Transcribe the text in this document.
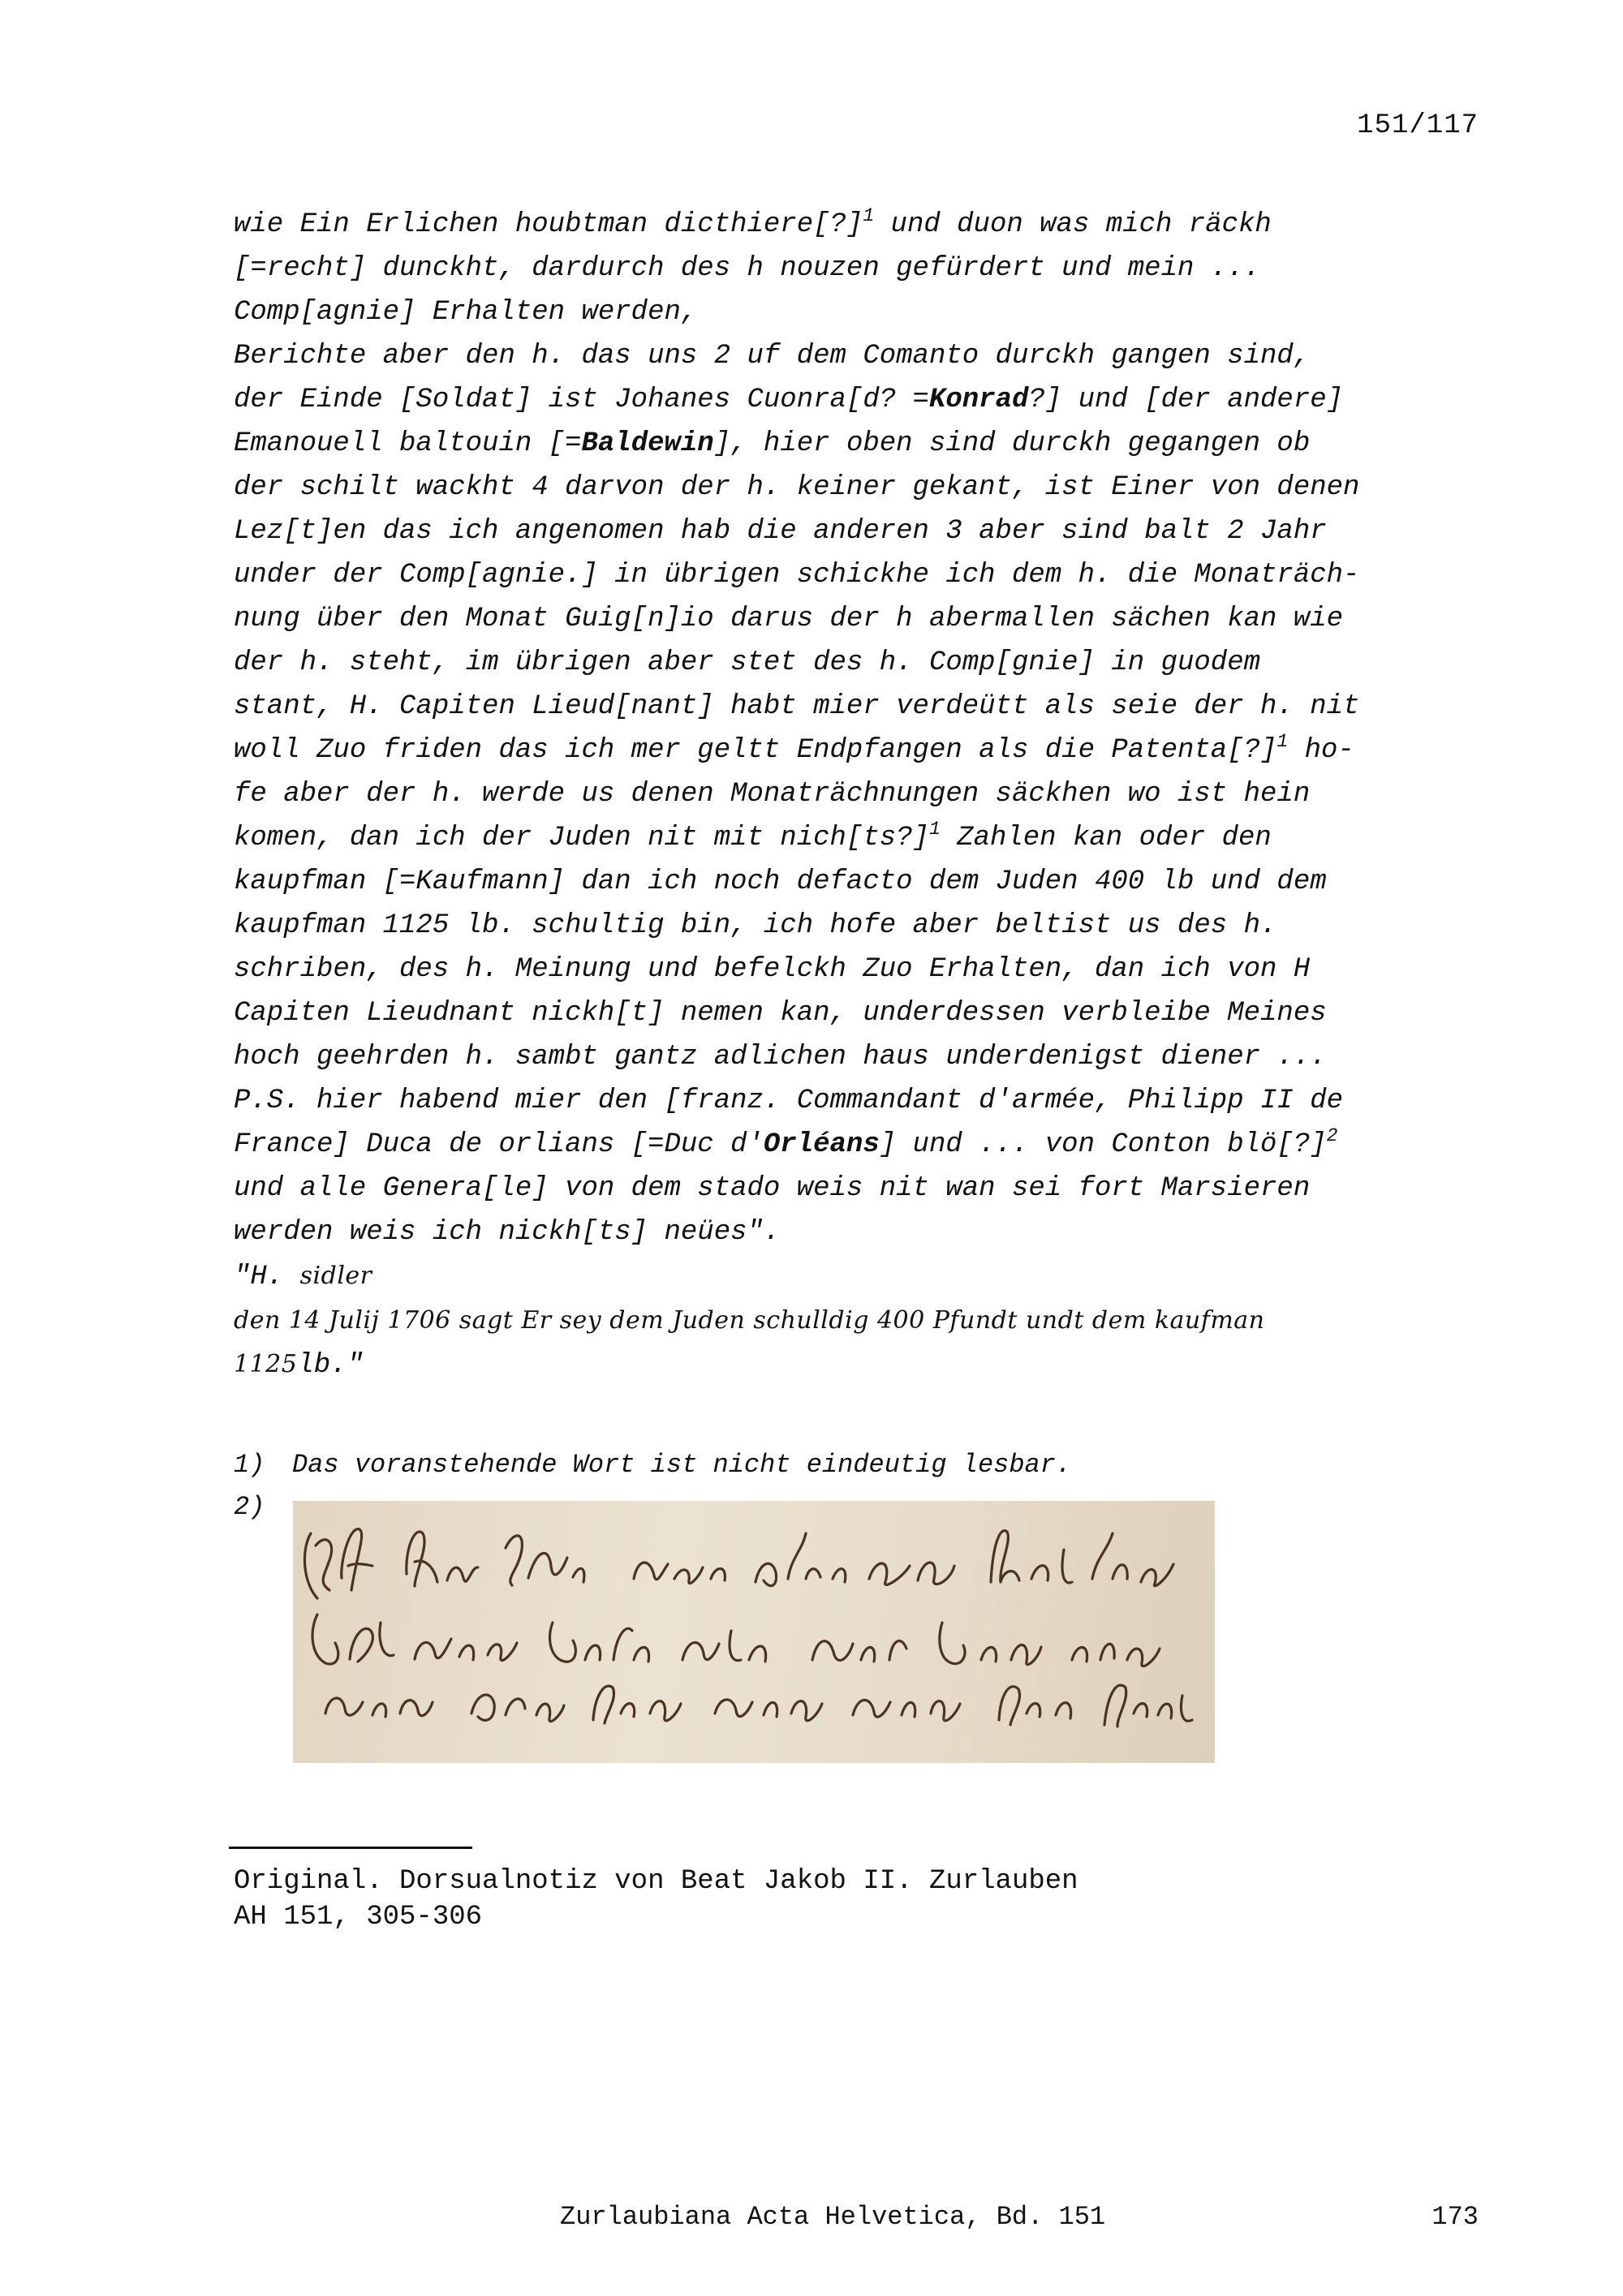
151/117
wie Ein Erlichen houbtman dicthiere[?]$^1$ und duon was mich räckh
[=recht] dunckht, dardurch des h nouzen gefürdert und mein ...
Comp[agnie] Erhalten werden,
Berichte aber den h. das uns 2 uf dem Comanto durckh gangen sind,
der Einde [Soldat] ist Johanes Cuonra[d? =Konrad?] und [der andere]
Emanouell baltouin [=Baldewin], hier oben sind durckh gegangen ob
der schilt wackht 4 darvon der h. keiner gekant, ist Einer von denen
Lez[t]en das ich angenomen hab die anderen 3 aber sind balt 2 Jahr
under der Comp[agnie.] in übrigen schickhe ich dem h. die Monaträch-
nung über den Monat Guig[n]io darus der h abermallen sächen kan wie
der h. steht, im übrigen aber stet des h. Comp[gnie] in guodem
stant, H. Capiten Lieud[nant] habt mier verdeütt als seie der h. nit
woll Zuo friden das ich mer geltt Endpfangen als die Patenta[?]$^1$ ho-
fe aber der h. werde us denen Monaträchnungen säckhen wo ist hein
komen, dan ich der Juden nit mit nich[ts?]$^1$ Zahlen kan oder den
kaupfman [=Kaufmann] dan ich noch defacto dem Juden 400 lb und dem
kaupfman 1125 lb. schultig bin, ich hofe aber beltist us des h.
schriben, des h. Meinung und befelckh Zuo Erhalten, dan ich von H
Capiten Lieudnant nickh[t] nemen kan, underdessen verbleibe Meines
hoch geehrden h. sambt gantz adlichen haus underdenigst diener ...
P.S. hier habend mier den [franz. Commandant d'armée, Philipp II de
France] Duca de orlians [=Duc d'Orléans] und ... von Conton blö[?]$^2$
und alle Genera[le] von dem stado weis nit wan sei fort Marsieren
werden weis ich nickh[ts] neües".
"H. sidler
den 14 Julij 1706 sagt Er sey dem Juden schulldig 400 Pfundt undt dem kaufman
1125lb."
1) Das voranstehende Wort ist nicht eindeutig lesbar.
2)
Original. Dorsualnotiz von Beat Jakob II. Zurlauben
AH 151, 305-306
Zurlaubiana Acta Helvetica, Bd. 151	173
